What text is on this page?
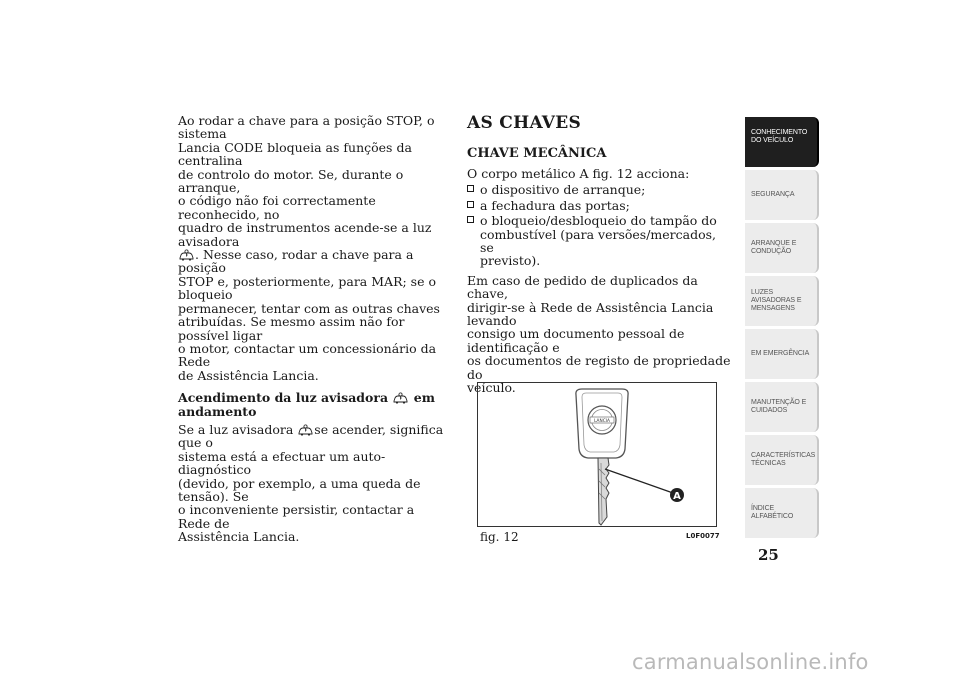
Ao rodar a chave para a posição STOP, o sistema
Lancia CODE bloqueia as funções da centralina
de controlo do motor. Se, durante o arranque,
o código não foi correctamente reconhecido, no
quadro de instrumentos acende-se a luz avisadora
. Nesse caso, rodar a chave para a posição
STOP e, posteriormente, para MAR; se o bloqueio
permanecer, tentar com as outras chaves
atribuídas. Se mesmo assim não for possível ligar
o motor, contactar um concessionário da Rede
de Assistência Lancia.

Acendimento da luz avisadora em
andamento

Se a luz avisadora se acender, significa que o
sistema está a efectuar um auto-diagnóstico
(devido, por exemplo, a uma queda de tensão). Se
o inconveniente persistir, contactar a Rede de
Assistência Lancia.

AS CHAVES
CHAVE MECÂNICA

O corpo metálico A fig. 12 acciona:

o dispositivo de arranque;
a fechadura das portas;
o bloqueio/desbloqueio do tampão do
combustível (para versões/mercados, se
previsto).

Em caso de pedido de duplicados da chave,
dirigir-se à Rede de Assistência Lancia levando
consigo um documento pessoal de identificação e
os documentos de registo de propriedade do
veículo.

LANCIA
A
fig. 12	L0F0077
CONHECIMENTO
DO VEÍCULO
SEGURANÇA
ARRANQUE E
CONDUÇÃO
LUZES
AVISADORAS E
MENSAGENS
EM EMERGÊNCIA
MANUTENÇÃO E
CUIDADOS
CARACTERÍSTICAS
TÉCNICAS
ÍNDICE
ALFABÉTICO
25
carmanualsonline.info
